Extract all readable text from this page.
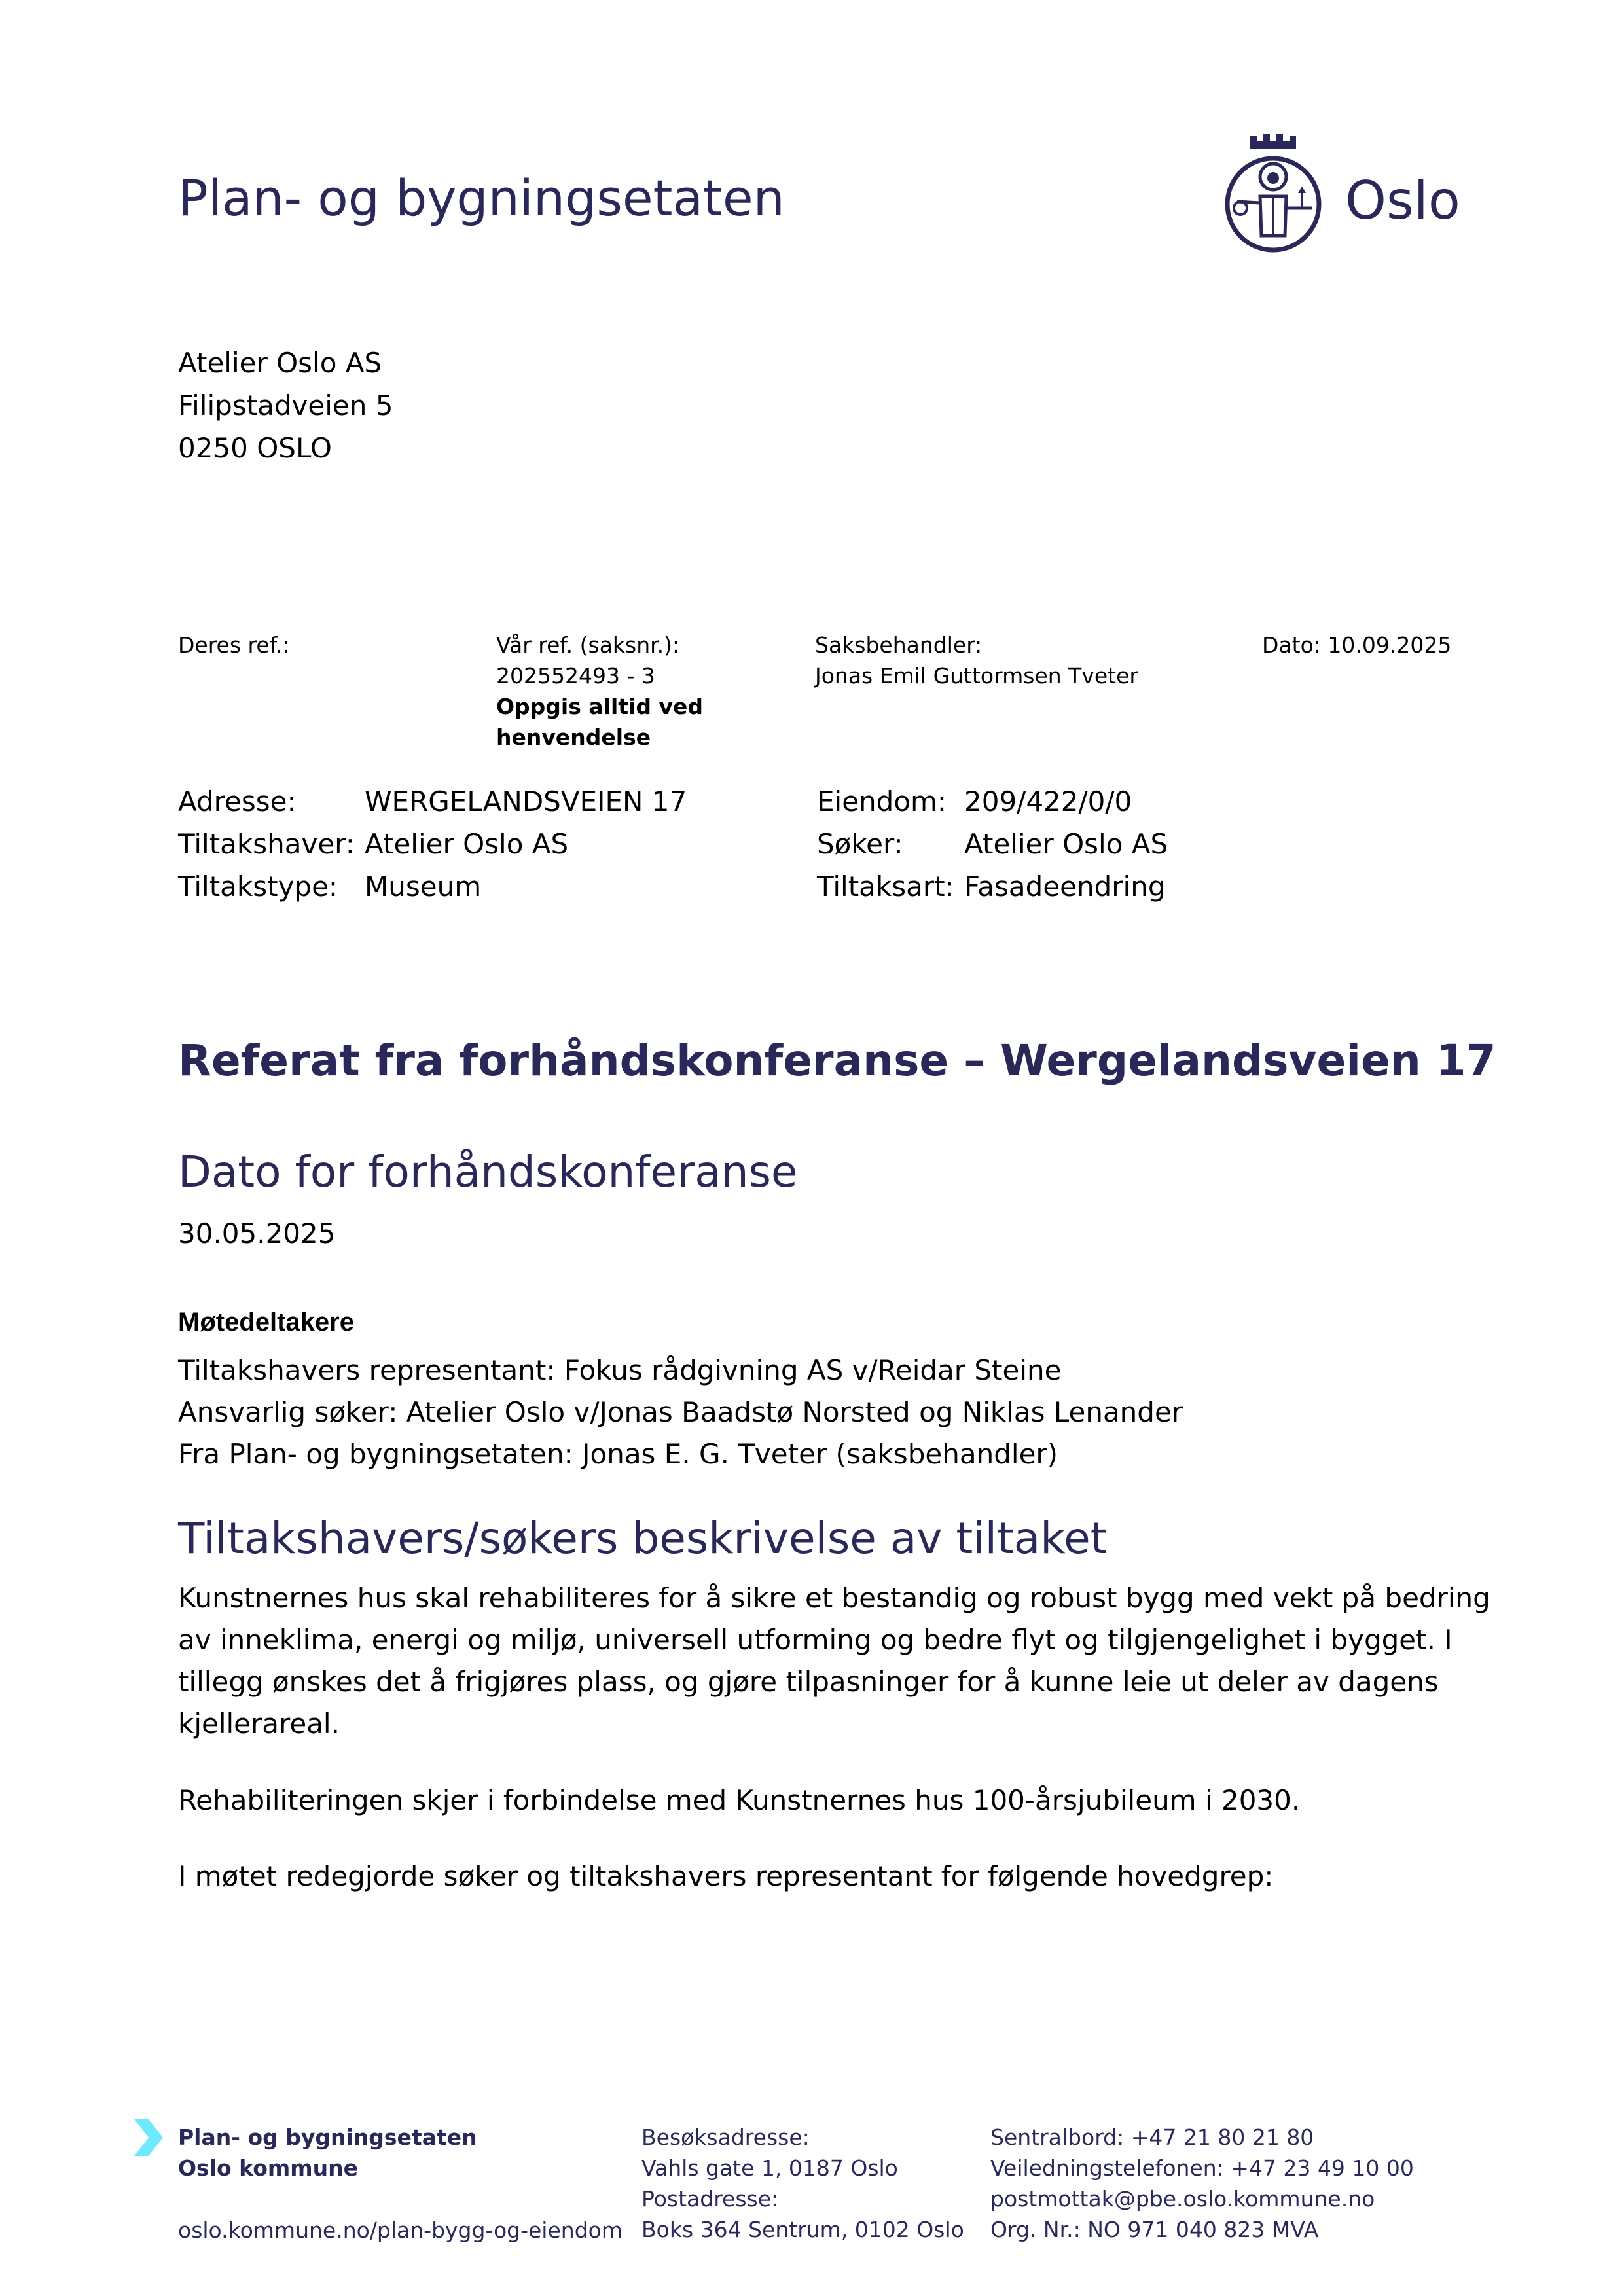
Plan- og bygningsetaten	Oslo
Atelier Oslo AS
Filipstadveien 5
0250 OSLO
Deres ref.:	Vår ref. (saksnr.):
202552493 - 3
Oppgis alltid ved
henvendelse
Saksbehandler:
Jonas Emil Guttormsen Tveter
Dato: 10.09.2025
Adresse:
Tiltakshaver:
Tiltakstype:
WERGELANDSVEIEN 17
Atelier Oslo AS
Museum
Eiendom:
Søker:
Tiltaksart:
209/422/0/0
Atelier Oslo AS
Fasadeendring
Referat fra forhåndskonferanse – Wergelandsveien 17
Dato for forhåndskonferanse
30.05.2025
Møtedeltakere
Tiltakshavers representant: Fokus rådgivning AS v/Reidar Steine
Ansvarlig søker: Atelier Oslo v/Jonas Baadstø Norsted og Niklas Lenander
Fra Plan- og bygningsetaten: Jonas E. G. Tveter (saksbehandler)
Tiltakshavers/søkers beskrivelse av tiltaket
Kunstnernes hus skal rehabiliteres for å sikre et bestandig og robust bygg med vekt på bedring
av inneklima, energi og miljø, universell utforming og bedre flyt og tilgjengelighet i bygget. I
tillegg ønskes det å frigjøres plass, og gjøre tilpasninger for å kunne leie ut deler av dagens
kjellerareal.
Rehabiliteringen skjer i forbindelse med Kunstnernes hus 100-årsjubileum i 2030.
I møtet redegjorde søker og tiltakshavers representant for følgende hovedgrep:
Plan- og bygningsetaten
Oslo kommune
oslo.kommune.no/plan-bygg-og-eiendom
Besøksadresse:
Vahls gate 1, 0187 Oslo
Postadresse:
Boks 364 Sentrum, 0102 Oslo
Sentralbord: +47 21 80 21 80
Veiledningstelefonen: +47 23 49 10 00
postmottak@pbe.oslo.kommune.no
Org. Nr.: NO 971 040 823 MVA
